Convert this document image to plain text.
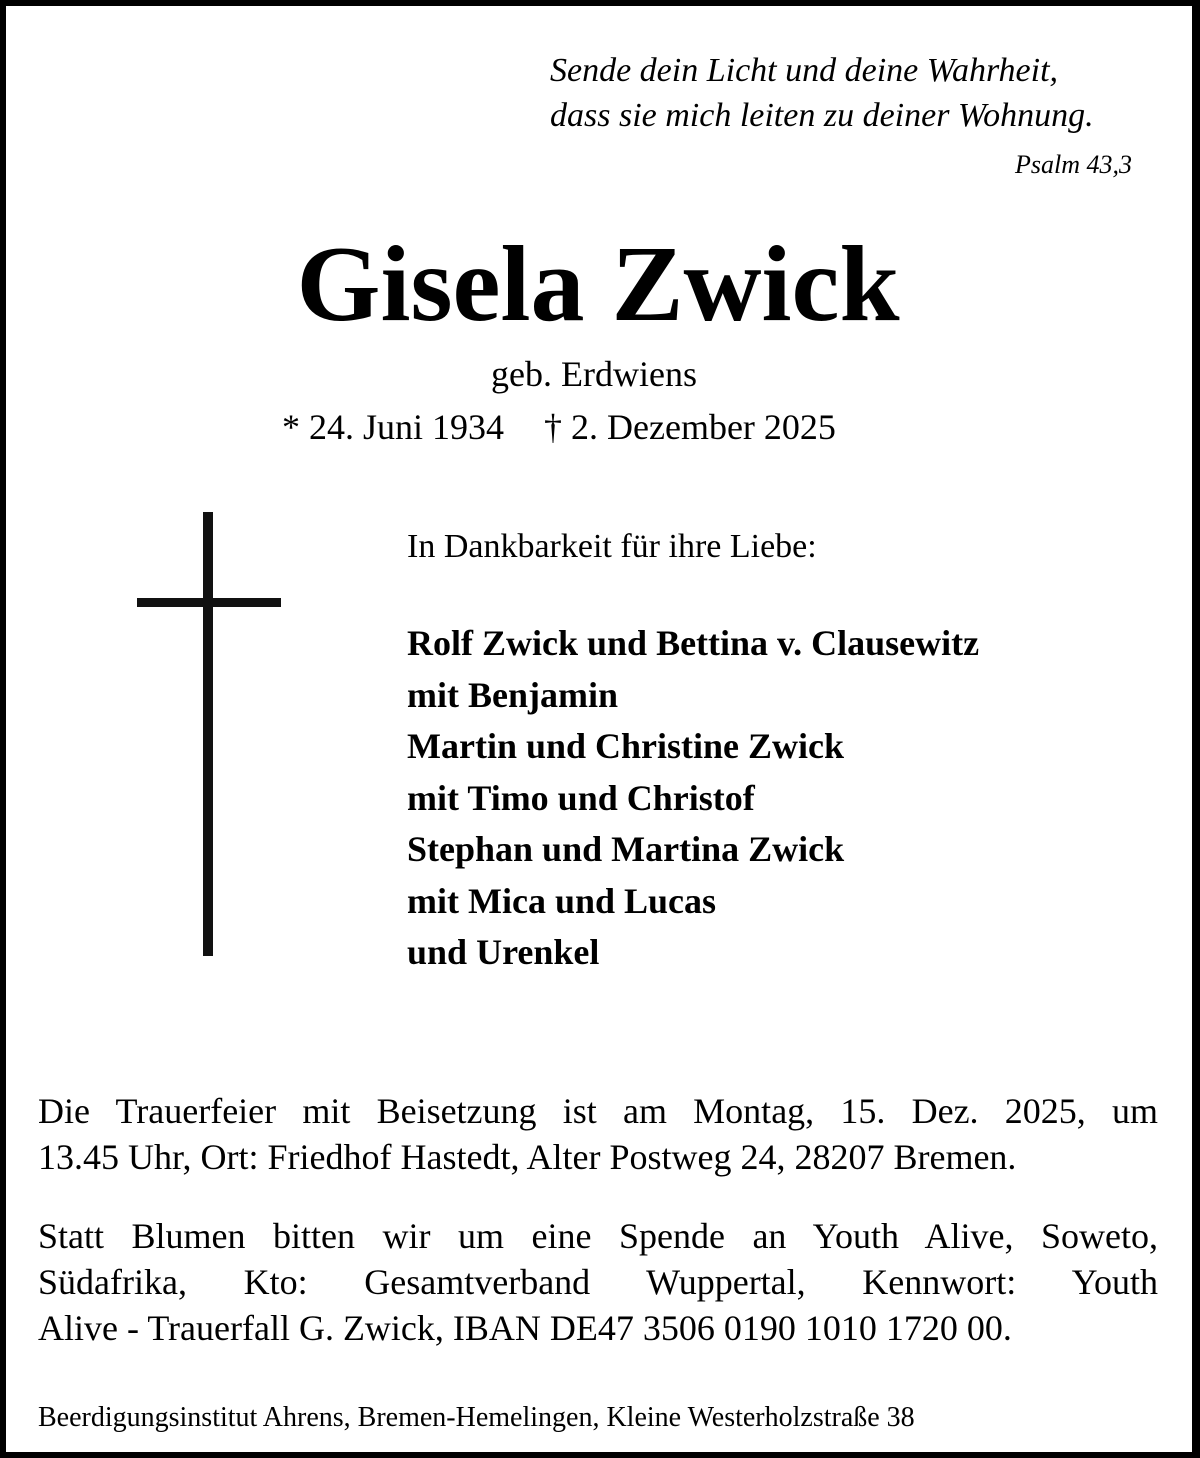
Sende dein Licht und deine Wahrheit,
dass sie mich leiten zu deiner Wohnung.
Psalm 43,3
Gisela Zwick
geb. Erdwiens
* 24. Juni 1934 † 2. Dezember 2025
In Dankbarkeit für ihre Liebe:
Rolf Zwick und Bettina v. Clausewitz
mit Benjamin
Martin und Christine Zwick
mit Timo und Christof
Stephan und Martina Zwick
mit Mica und Lucas
und Urenkel
Die Trauerfeier mit Beisetzung ist am Montag, 15. Dez. 2025, um
13.45 Uhr, Ort: Friedhof Hastedt, Alter Postweg 24, 28207 Bremen.
Statt Blumen bitten wir um eine Spende an Youth Alive, Soweto,
Südafrika, Kto: Gesamtverband Wuppertal, Kennwort: Youth
Alive - Trauerfall G. Zwick, IBAN DE47 3506 0190 1010 1720 00.
Beerdigungsinstitut Ahrens, Bremen-Hemelingen, Kleine Westerholzstraße 38
